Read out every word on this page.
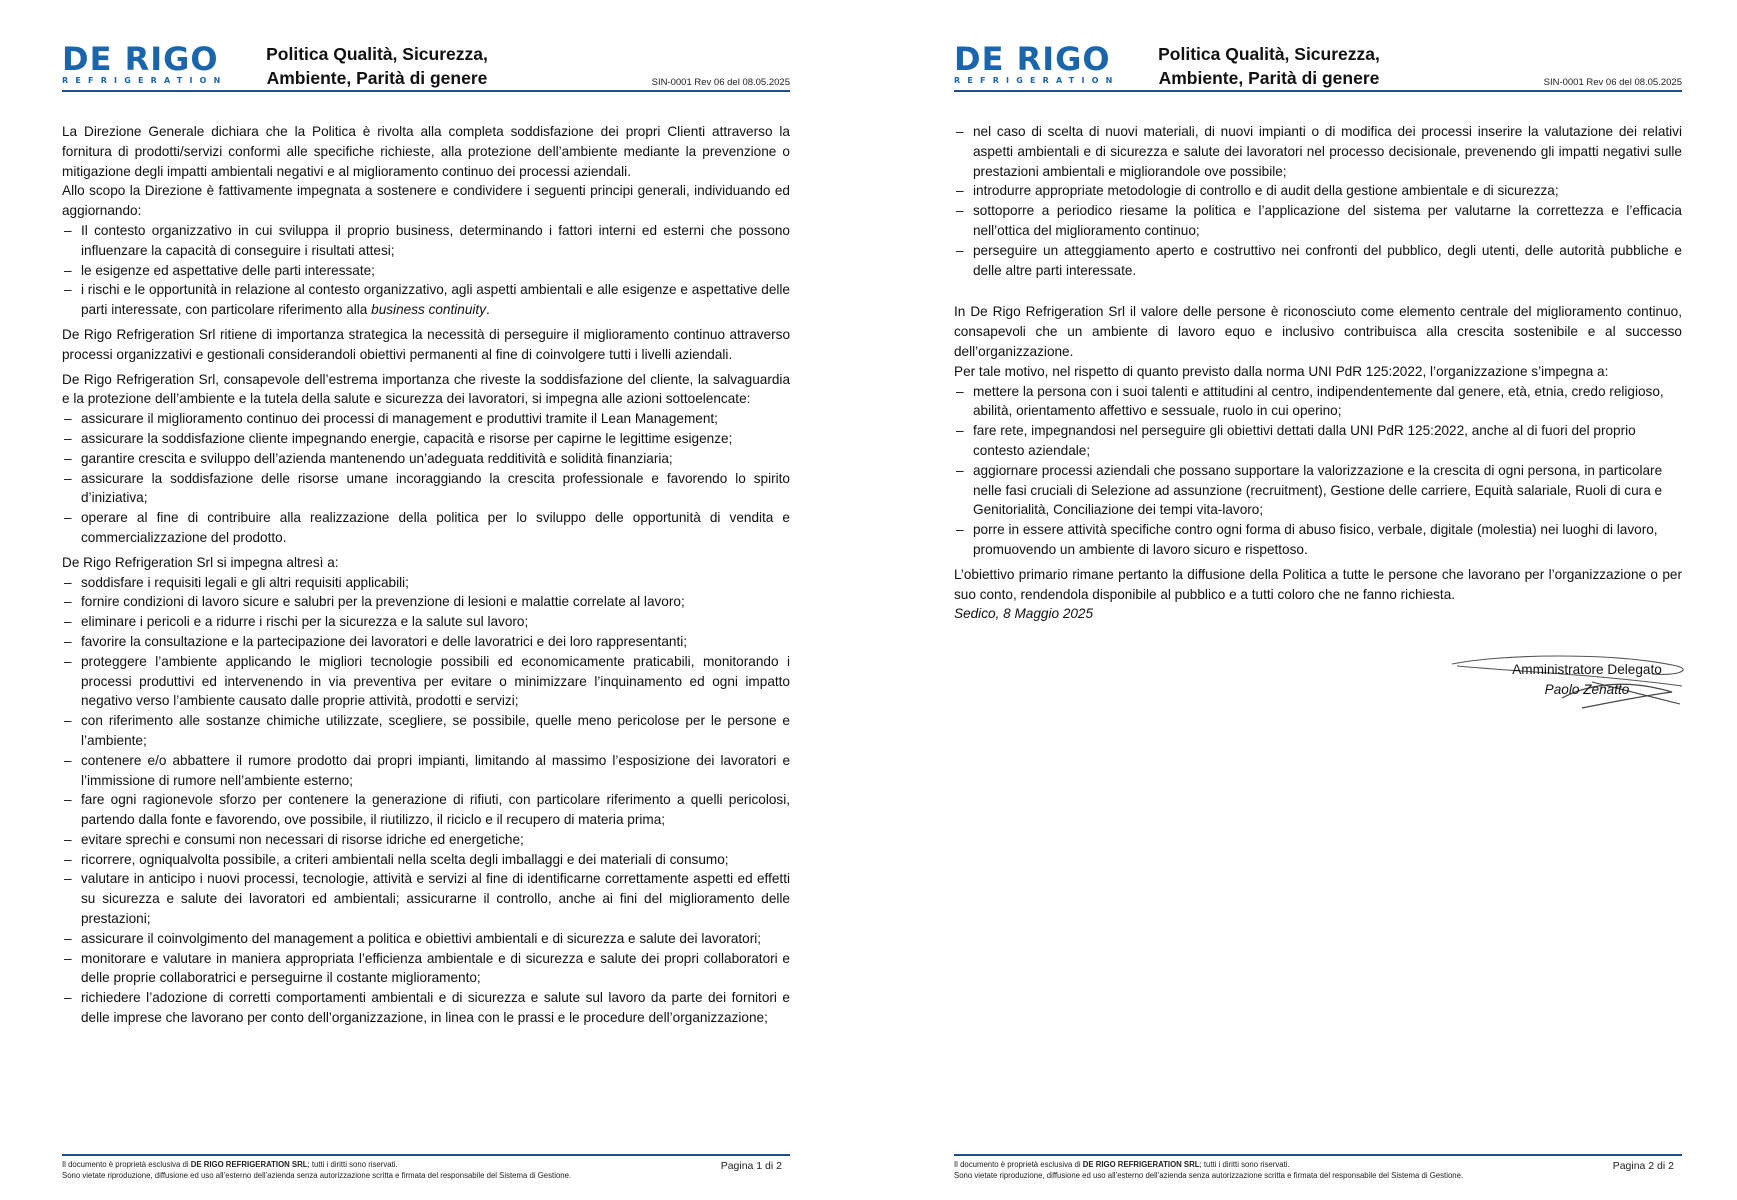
DE RIGO
REFRIGERATION
Politica Qualità, Sicurezza,
Ambiente, Parità di genere	SIN-0001 Rev 06 del 08.05.2025

La Direzione Generale dichiara che la Politica è rivolta alla completa soddisfazione dei propri Clienti attraverso la fornitura di prodotti/servizi conformi alle specifiche richieste, alla protezione dell’ambiente mediante la prevenzione o mitigazione degli impatti ambientali negativi e al miglioramento continuo dei processi aziendali.

Allo scopo la Direzione è fattivamente impegnata a sostenere e condividere i seguenti principi generali, individuando ed aggiornando:

– Il contesto organizzativo in cui sviluppa il proprio business, determinando i fattori interni ed esterni che possono influenzare la capacità di conseguire i risultati attesi;
– le esigenze ed aspettative delle parti interessate;
– i rischi e le opportunità in relazione al contesto organizzativo, agli aspetti ambientali e alle esigenze e aspettative delle parti interessate, con particolare riferimento alla business continuity.

De Rigo Refrigeration Srl ritiene di importanza strategica la necessità di perseguire il miglioramento continuo attraverso processi organizzativi e gestionali considerandoli obiettivi permanenti al fine di coinvolgere tutti i livelli aziendali.

De Rigo Refrigeration Srl, consapevole dell’estrema importanza che riveste la soddisfazione del cliente, la salvaguardia e la protezione dell’ambiente e la tutela della salute e sicurezza dei lavoratori, si impegna alle azioni sottoelencate:

– assicurare il miglioramento continuo dei processi di management e produttivi tramite il Lean Management;
– assicurare la soddisfazione cliente impegnando energie, capacità e risorse per capirne le legittime esigenze;
– garantire crescita e sviluppo dell’azienda mantenendo un’adeguata redditività e solidità finanziaria;
– assicurare la soddisfazione delle risorse umane incoraggiando la crescita professionale e favorendo lo spirito d’iniziativa;
– operare al fine di contribuire alla realizzazione della politica per lo sviluppo delle opportunità di vendita e commercializzazione del prodotto.

De Rigo Refrigeration Srl si impegna altresì a:

– soddisfare i requisiti legali e gli altri requisiti applicabili;
– fornire condizioni di lavoro sicure e salubri per la prevenzione di lesioni e malattie correlate al lavoro;
– eliminare i pericoli e a ridurre i rischi per la sicurezza e la salute sul lavoro;
– favorire la consultazione e la partecipazione dei lavoratori e delle lavoratrici e dei loro rappresentanti;
– proteggere l’ambiente applicando le migliori tecnologie possibili ed economicamente praticabili, monitorando i processi produttivi ed intervenendo in via preventiva per evitare o minimizzare l’inquinamento ed ogni impatto negativo verso l’ambiente causato dalle proprie attività, prodotti e servizi;
– con riferimento alle sostanze chimiche utilizzate, scegliere, se possibile, quelle meno pericolose per le persone e l’ambiente;
– contenere e/o abbattere il rumore prodotto dai propri impianti, limitando al massimo l’esposizione dei lavoratori e l’immissione di rumore nell’ambiente esterno;
– fare ogni ragionevole sforzo per contenere la generazione di rifiuti, con particolare riferimento a quelli pericolosi, partendo dalla fonte e favorendo, ove possibile, il riutilizzo, il riciclo e il recupero di materia prima;
– evitare sprechi e consumi non necessari di risorse idriche ed energetiche;
– ricorrere, ogniqualvolta possibile, a criteri ambientali nella scelta degli imballaggi e dei materiali di consumo;
– valutare in anticipo i nuovi processi, tecnologie, attività e servizi al fine di identificarne correttamente aspetti ed effetti su sicurezza e salute dei lavoratori ed ambientali; assicurarne il controllo, anche ai fini del miglioramento delle prestazioni;
– assicurare il coinvolgimento del management a politica e obiettivi ambientali e di sicurezza e salute dei lavoratori;
– monitorare e valutare in maniera appropriata l’efficienza ambientale e di sicurezza e salute dei propri collaboratori e delle proprie collaboratrici e perseguirne il costante miglioramento;
– richiedere l’adozione di corretti comportamenti ambientali e di sicurezza e salute sul lavoro da parte dei fornitori e delle imprese che lavorano per conto dell’organizzazione, in linea con le prassi e le procedure dell’organizzazione;
Il documento è proprietà esclusiva di DE RIGO REFRIGERATION SRL; tutti i diritti sono riservati.
Sono vietate riproduzione, diffusione ed uso all’esterno dell’azienda senza autorizzazione scritta e firmata del responsabile del Sistema di Gestione.
Pagina 1 di 2
DE RIGO
REFRIGERATION
Politica Qualità, Sicurezza,
Ambiente, Parità di genere	SIN-0001 Rev 06 del 08.05.2025
– nel caso di scelta di nuovi materiali, di nuovi impianti o di modifica dei processi inserire la valutazione dei relativi aspetti ambientali e di sicurezza e salute dei lavoratori nel processo decisionale, prevenendo gli impatti negativi sulle prestazioni ambientali e migliorandole ove possibile;
– introdurre appropriate metodologie di controllo e di audit della gestione ambientale e di sicurezza;
– sottoporre a periodico riesame la politica e l’applicazione del sistema per valutarne la correttezza e l’efficacia nell’ottica del miglioramento continuo;
– perseguire un atteggiamento aperto e costruttivo nei confronti del pubblico, degli utenti, delle autorità pubbliche e delle altre parti interessate.

In De Rigo Refrigeration Srl il valore delle persone è riconosciuto come elemento centrale del miglioramento continuo, consapevoli che un ambiente di lavoro equo e inclusivo contribuisca alla crescita sostenibile e al successo dell’organizzazione.

Per tale motivo, nel rispetto di quanto previsto dalla norma UNI PdR 125:2022, l’organizzazione s’impegna a:

– mettere la persona con i suoi talenti e attitudini al centro, indipendentemente dal genere, età, etnia, credo religioso, abilità, orientamento affettivo e sessuale, ruolo in cui operino;
– fare rete, impegnandosi nel perseguire gli obiettivi dettati dalla UNI PdR 125:2022, anche al di fuori del proprio contesto aziendale;
– aggiornare processi aziendali che possano supportare la valorizzazione e la crescita di ogni persona, in particolare nelle fasi cruciali di Selezione ad assunzione (recruitment), Gestione delle carriere, Equità salariale, Ruoli di cura e Genitorialità, Conciliazione dei tempi vita-lavoro;
– porre in essere attività specifiche contro ogni forma di abuso fisico, verbale, digitale (molestia) nei luoghi di lavoro, promuovendo un ambiente di lavoro sicuro e rispettoso.

L’obiettivo primario rimane pertanto la diffusione della Politica a tutte le persone che lavorano per l’organizzazione o per suo conto, rendendola disponibile al pubblico e a tutti coloro che ne fanno richiesta.

Sedico, 8 Maggio 2025

Amministratore Delegato
Paolo Zenatto
Il documento è proprietà esclusiva di DE RIGO REFRIGERATION SRL; tutti i diritti sono riservati.
Sono vietate riproduzione, diffusione ed uso all’esterno dell’azienda senza autorizzazione scritta e firmata del responsabile del Sistema di Gestione.
Pagina 2 di 2
